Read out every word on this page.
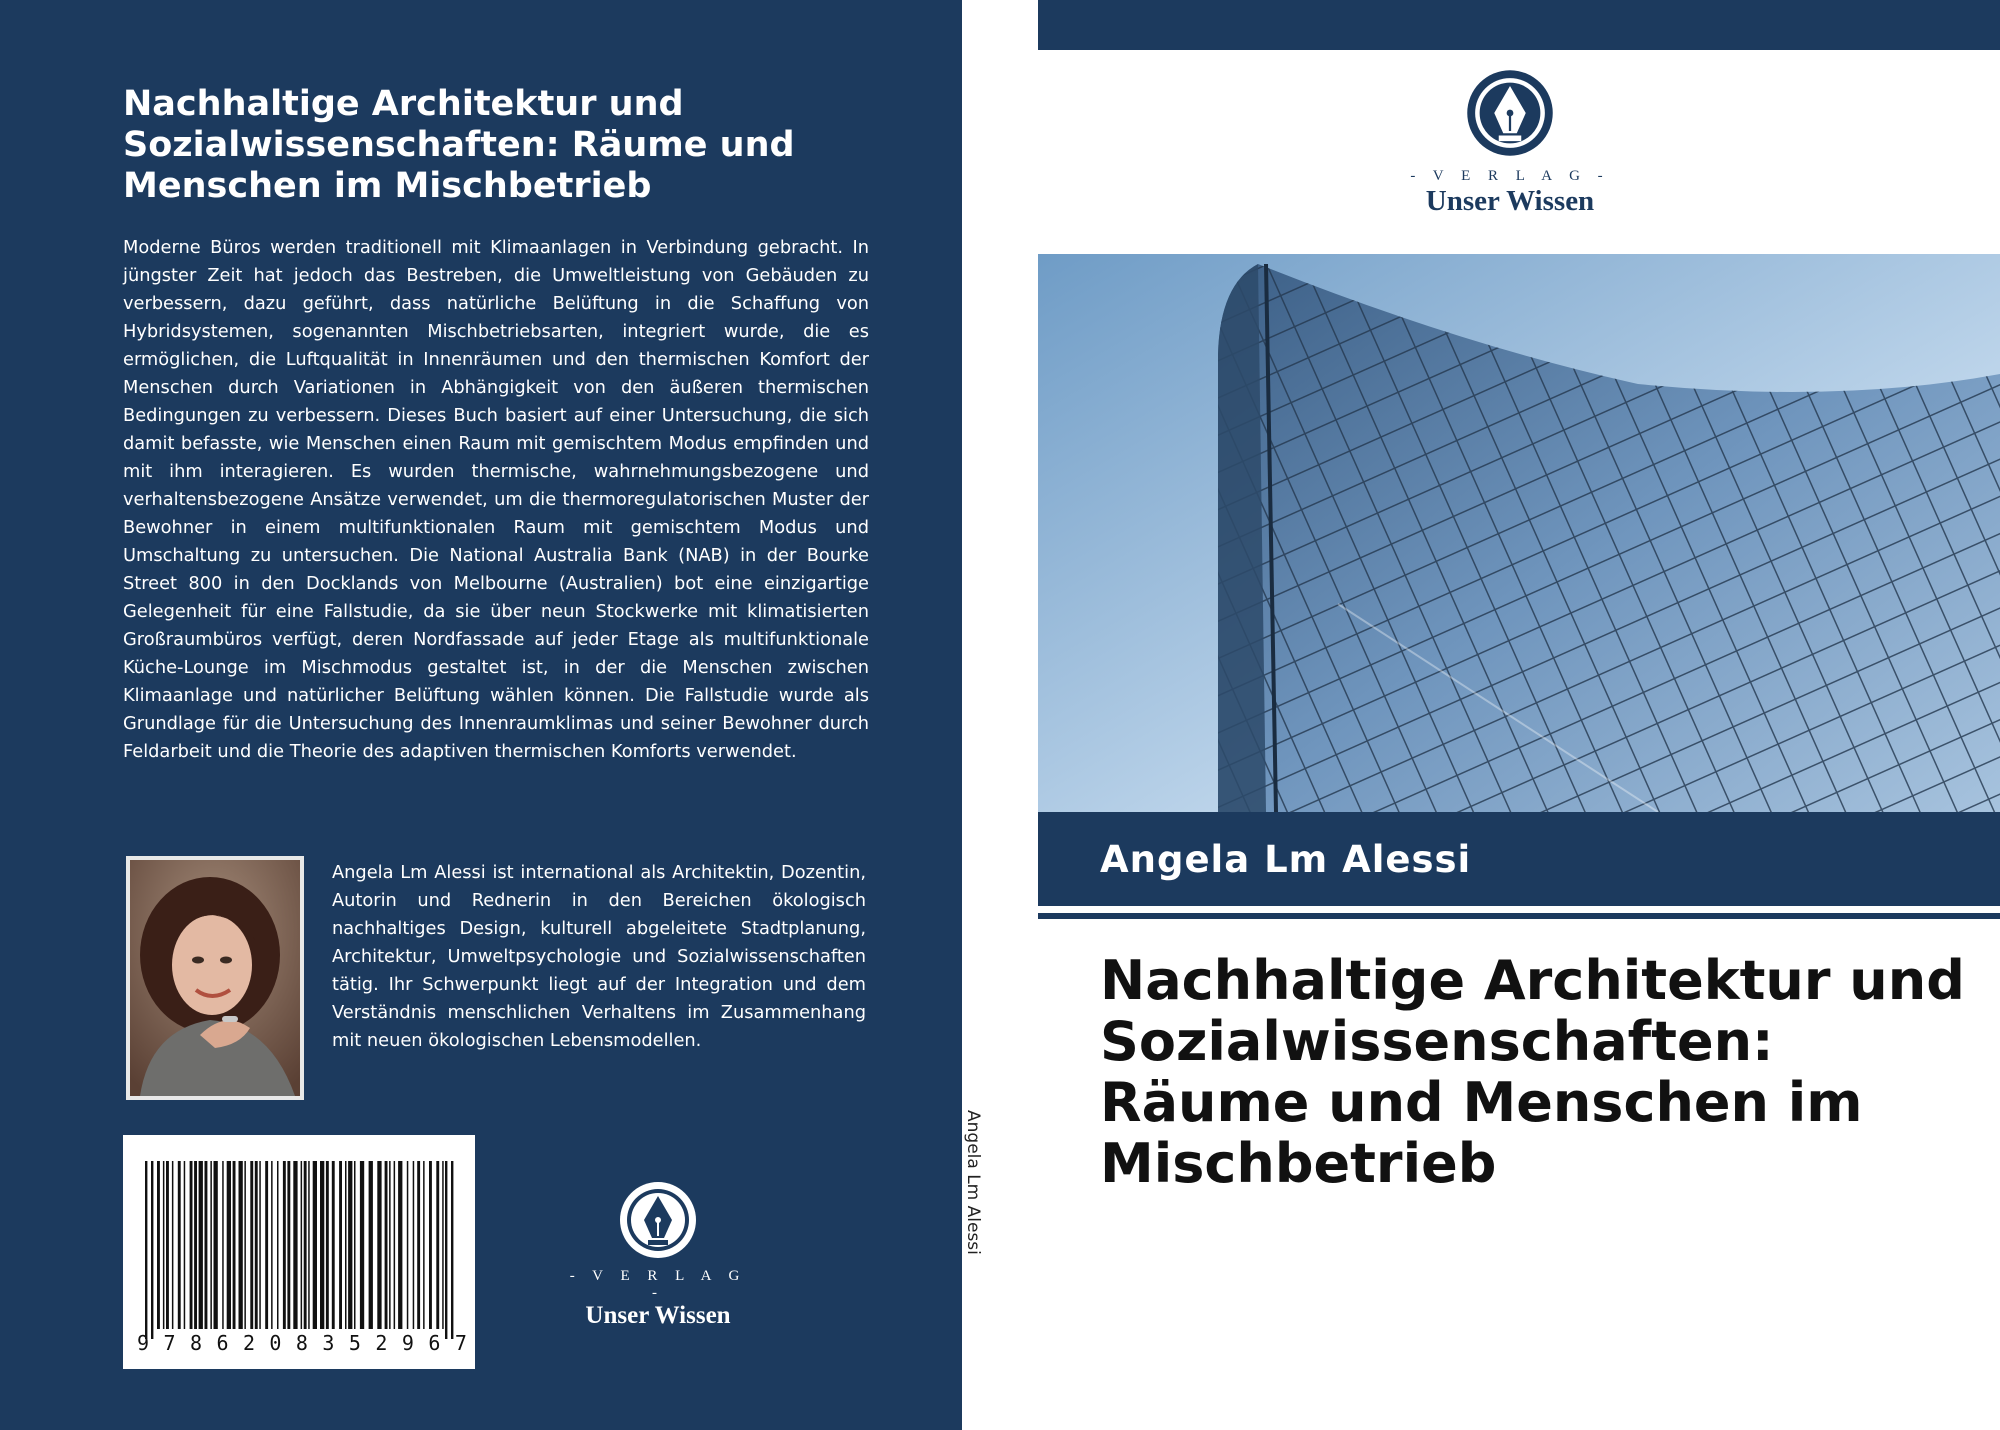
Nachhaltige Architektur und Sozialwissenschaften: Räume und Menschen im Mischbetrieb

Moderne Büros werden traditionell mit Klimaanlagen in Verbindung gebracht. In jüngster Zeit hat jedoch das Bestreben, die Umweltleistung von Gebäuden zu verbessern, dazu geführt, dass natürliche Belüftung in die Schaffung von Hybridsystemen, sogenannten Mischbetriebsarten, integriert wurde, die es ermöglichen, die Luftqualität in Innenräumen und den thermischen Komfort der Menschen durch Variationen in Abhängigkeit von den äußeren thermischen Bedingungen zu verbessern. Dieses Buch basiert auf einer Untersuchung, die sich damit befasste, wie Menschen einen Raum mit gemischtem Modus empfinden und mit ihm interagieren. Es wurden thermische, wahrnehmungsbezogene und verhaltensbezogene Ansätze verwendet, um die thermoregulatorischen Muster der Bewohner in einem multifunktionalen Raum mit gemischtem Modus und Umschaltung zu untersuchen. Die National Australia Bank (NAB) in der Bourke Street 800 in den Docklands von Melbourne (Australien) bot eine einzigartige Gelegenheit für eine Fallstudie, da sie über neun Stockwerke mit klimatisierten Großraumbüros verfügt, deren Nordfassade auf jeder Etage als multifunktionale Küche-Lounge im Mischmodus gestaltet ist, in der die Menschen zwischen Klimaanlage und natürlicher Belüftung wählen können. Die Fallstudie wurde als Grundlage für die Untersuchung des Innenraumklimas und seiner Bewohner durch Feldarbeit und die Theorie des adaptiven thermischen Komforts verwendet.

Angela Lm Alessi ist international als Architektin, Dozentin, Autorin und Rednerin in den Bereichen ökologisch nachhaltiges Design, kulturell abgeleitete Stadtplanung, Architektur, Umweltpsychologie und Sozialwissenschaften tätig. Ihr Schwerpunkt liegt auf der Integration und dem Verständnis menschlichen Verhaltens im Zusammenhang mit neuen ökologischen Lebensmodellen.

9 7 8 6 2 0 8 3 5 2 9 6 7
- V E R L A G -
Unser Wissen
Angela Lm Alessi
- V E R L A G -
Unser Wissen

Angela Lm Alessi

Nachhaltige Architektur und Sozialwissenschaften: Räume und Menschen im Mischbetrieb
